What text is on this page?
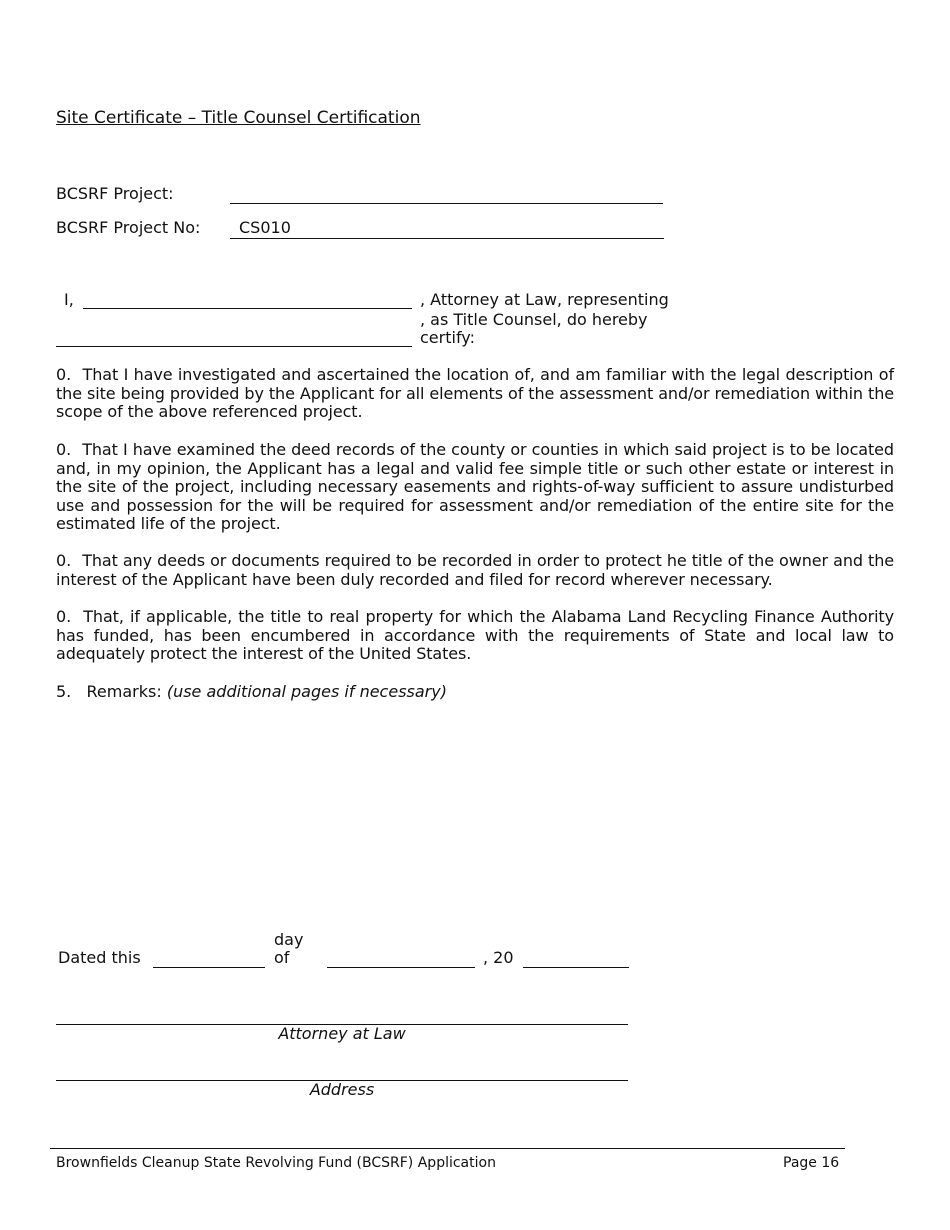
Site Certificate – Title Counsel Certification
BCSRF Project:
BCSRF Project No: CS010
I,	, Attorney at Law, representing
, as Title Counsel, do hereby
certify:
0. That I have investigated and ascertained the location of, and am familiar with the legal description of the site being provided by the Applicant for all elements of the assessment and/or remediation within the scope of the above referenced project.
0. That I have examined the deed records of the county or counties in which said project is to be located and, in my opinion, the Applicant has a legal and valid fee simple title or such other estate or interest in the site of the project, including necessary easements and rights-of-way sufficient to assure undisturbed use and possession for the will be required for assessment and/or remediation of the entire site for the estimated life of the project.
0. That any deeds or documents required to be recorded in order to protect he title of the owner and the interest of the Applicant have been duly recorded and filed for record wherever necessary.
0. That, if applicable, the title to real property for which the Alabama Land Recycling Finance Authority has funded, has been encumbered in accordance with the requirements of State and local law to adequately protect the interest of the United States.
5. Remarks: (use additional pages if necessary)
Dated this
day
of	, 20
Attorney at Law
Address
Brownfields Cleanup State Revolving Fund (BCSRF) Application	Page 16
